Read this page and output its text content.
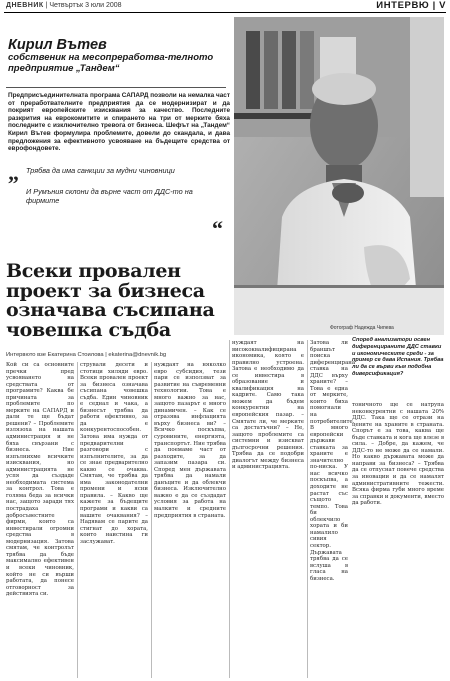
ДНЕВНИК | Четвъртък 3 юли 2008	ИНТЕРВЮ | V
Кирил Вътев
собственик на месопреработва-телното предприятие „Тандем“
Предприсъединителната програма САПАРД позволи на немалка част от преработвателните предприятия да се модернизират и да покрият европейските изисквания за качество. Последните разкрития на еврокомитите и спирането на три от мерките бяха последните с изключително тревога от бизнеса. Шефът на „Тандем“ Кирил Вътев формулира проблемите, довели до скандала, и дава предложения за ефективното усвояване на бъдещите средства от еврофондовете.
„ Трябва да има санкции за мудни чиновници
И Румъния склони да върне част от ДДС-то на фирмите
“
Фотограф Надежда Чипева
Всеки провален проект за бизнеса означава съсипана човешка съдба
Интервюто взе Екатерина Стоилова | ekaterina@dnevnik.bg
Кой си са основните пречки пред усвояването на средствата от програмите? Каква бе причината за проблемите по мерките на САПАРД и дали те ще бъдат решени? – Проблемите излязоха на нашата администрация и не бяха свързани с бизнеса. Ние изпълнихме всичките изисквания, но администрацията не успя да създаде необходимата система за контрол. Това е голяма беда за всички нас, защото заради тях пострадаха добросъвестните фирми, които са инвестирали огромни средства в модернизация. Затова смятам, че контролът трябва да бъде максимално ефективен и всеки чиновник, който не си върши работата, да понесе отговорност за действията си.
стрували десети и стотици хиляди евро. Всеки провален проект за бизнеса означава съсипана човешка съдба. Един чиновник е седнал и чака, а бизнесът трябва да работи ефективно, за да е конкурентоспособен. Затова има нужда от предварителни разговори с изпълнителите, за да се знае предварително какво се очаква. Смятам, че трябва да има законодателни промени и ясни правила. – Какво ще кажете за бъдещите програми и какви са вашите очаквания? – Надявам се парите да стигнат до хората, които наистина ги заслужават.
нуждаят на няколко евро субсидия, тези пари се използват за развитие на съвременни технологии. Това е много важно за нас, защото пазарът е много динамичен. – Как се отразява инфлацията върху бизнеса ви? – Всичко поскъпва, суровините, енергията, транспортът. Ние трябва да поемаме част от разходите, за да запазим пазара си. Според мен държавата трябва да намали данъците и да облекчи бизнеса. Изключително важно е да се създадат условия за работа на малките и средните предприятия в страната.
нуждаят на висококвалифицирана икономика, която е правилно устроена. Затова е необходимо да се инвестира в образование и квалификация на кадрите. Само така можем да бъдем конкурентни на европейския пазар. – Смятате ли, че мерките са достатъчни? – Не, защото проблемите са системни и изискват дългосрочни решения. Трябва да се подобри диалогът между бизнеса и администрацията.
Затова ли браншът поиска диференцирана ставка на ДДС върху храните? – Това е една от мерките, които биха помогнали на потребителите. В много европейски държави ставката за храните е значително по-ниска. У нас всичко поскъпва, а доходите не растат със същото темпо. Това би облекчило хората и би намалило сивия сектор. Държавата трябва да се вслуша в гласа на бизнеса.
Според анализатори освен диференцираните ДДС ставки и икономическите среди - за пример се дава Испания. Трябва ли да се върви към подобна диверсификация?
тоничното ще се натрупа неконкурентни с нашата 20% ДДС. Така ще се отрази на цените на храните в страната. Спорът е за това, каква ще бъде ставката и кога ще влезе в сила. – Добре, да кажем, че ДДС-то не може да се намали. Но какво държавата може да направи за бизнеса? – Трябва да се отпуснат повече средства за иновации и да се намалят административните тежести. Всяка фирма губи много време за справки и документи, вместо да работи.
